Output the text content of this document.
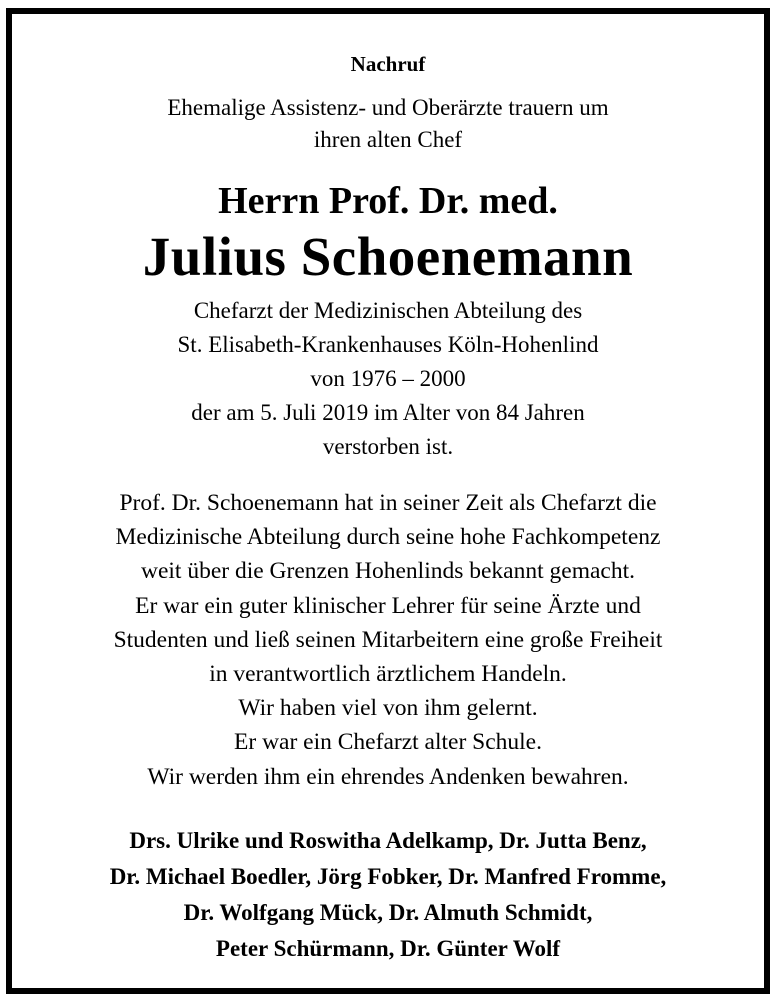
Nachruf
Ehemalige Assistenz- und Oberärzte trauern um
ihren alten Chef
Herrn Prof. Dr. med.
Julius Schoenemann
Chefarzt der Medizinischen Abteilung des
St. Elisabeth-Krankenhauses Köln-Hohenlind
von 1976 – 2000
der am 5. Juli 2019 im Alter von 84 Jahren
verstorben ist.
Prof. Dr. Schoenemann hat in seiner Zeit als Chefarzt die
Medizinische Abteilung durch seine hohe Fachkompetenz
weit über die Grenzen Hohenlinds bekannt gemacht.
Er war ein guter klinischer Lehrer für seine Ärzte und
Studenten und ließ seinen Mitarbeitern eine große Freiheit
in verantwortlich ärztlichem Handeln.
Wir haben viel von ihm gelernt.
Er war ein Chefarzt alter Schule.
Wir werden ihm ein ehrendes Andenken bewahren.
Drs. Ulrike und Roswitha Adelkamp, Dr. Jutta Benz,
Dr. Michael Boedler, Jörg Fobker, Dr. Manfred Fromme,
Dr. Wolfgang Mück, Dr. Almuth Schmidt,
Peter Schürmann, Dr. Günter Wolf
